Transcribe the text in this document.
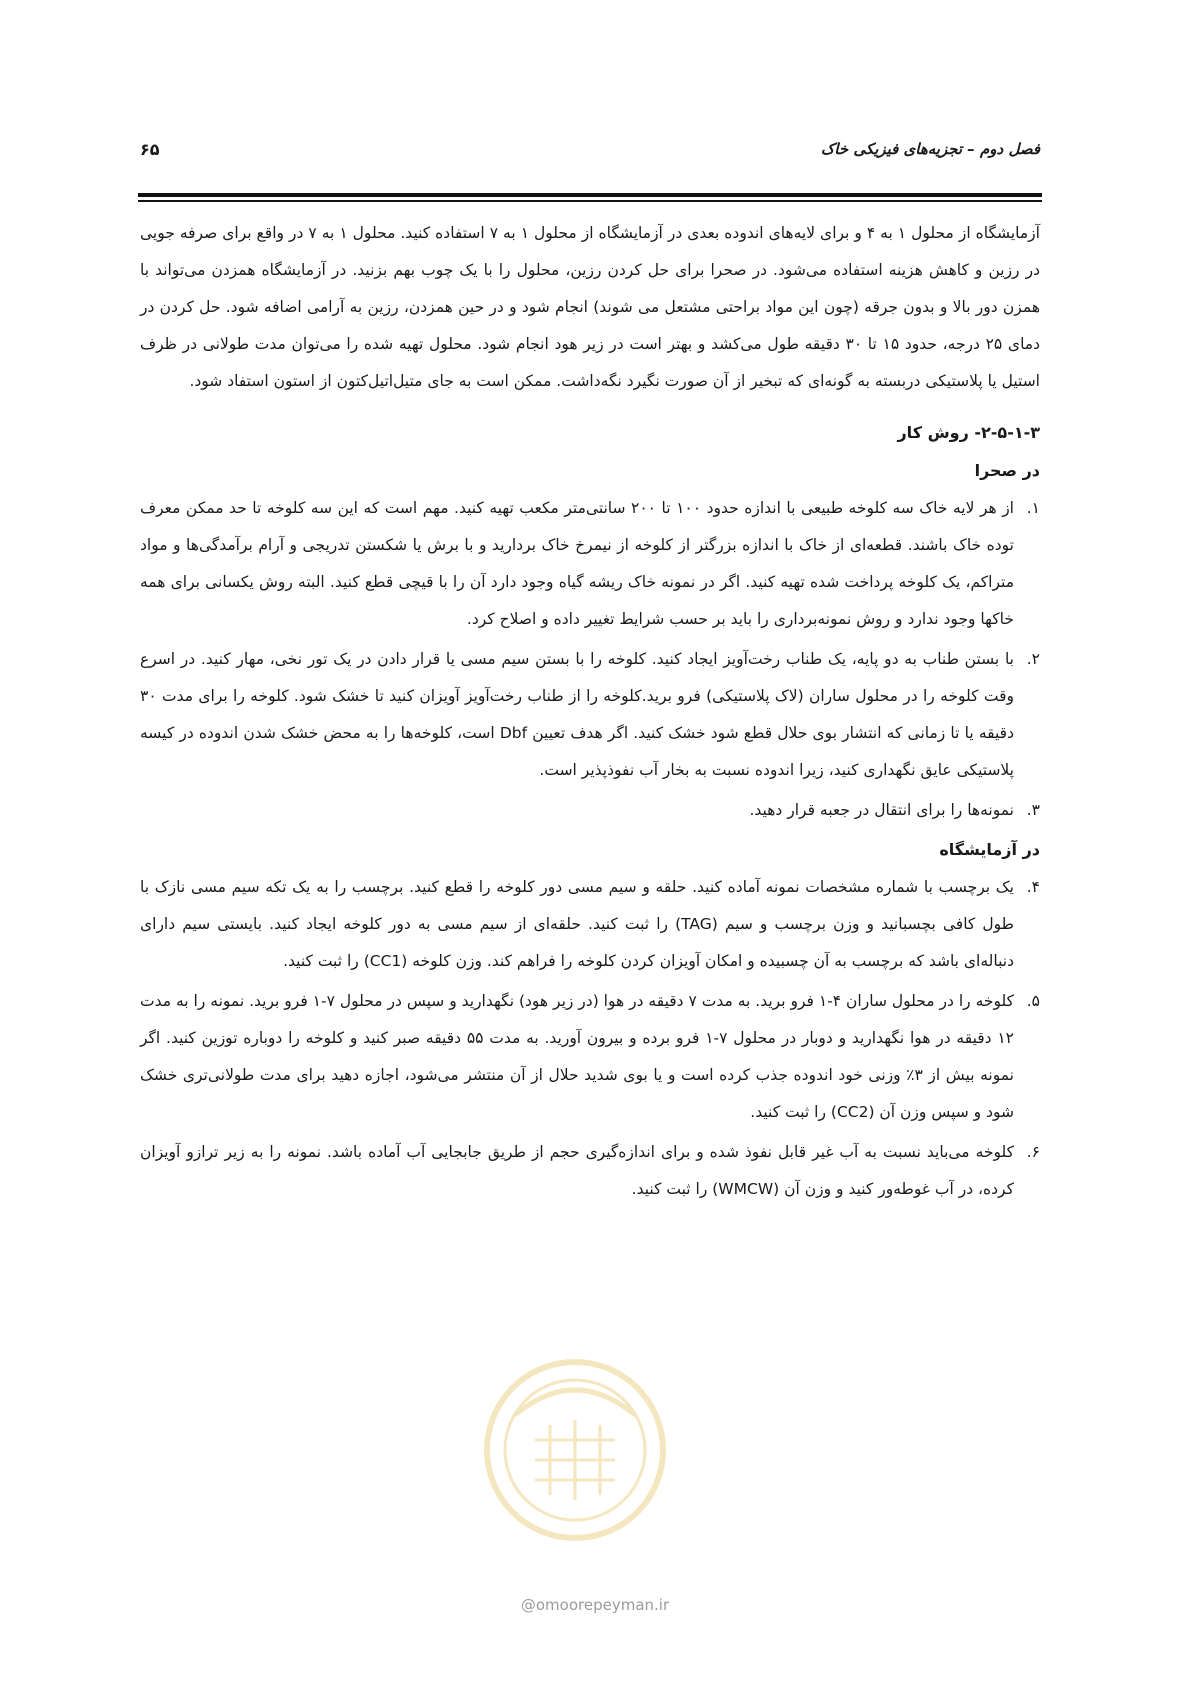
فصل دوم – تجزیه‌های فیزیکی خاک
۶۵

آزمایشگاه از محلول ۱ به ۴ و برای لایه‌های اندوده بعدی در آزمایشگاه از محلول ۱ به ۷ استفاده کنید. محلول ۱ به ۷ در واقع برای صرفه جویی در رزین و کاهش هزینه استفاده می‌شود. در صحرا برای حل کردن رزین، محلول را با یک چوب بهم بزنید. در آزمایشگاه همزدن می‌تواند با همزن دور بالا و بدون جرقه (چون این مواد براحتی مشتعل می شوند) انجام شود و در حین همزدن، رزین به آرامی اضافه شود. حل کردن در دمای ۲۵ درجه، حدود ۱۵ تا ۳۰ دقیقه طول می‌کشد و بهتر است در زیر هود انجام شود. محلول تهیه شده را می‌توان مدت طولانی در ظرف استیل یا پلاستیکی دربسته به گونه‌ای که تبخیر از آن صورت نگیرد نگه‌داشت. ممکن است به جای متیل‌اتیل‌کتون از استون استفاد شود.

۲-۵-۱-۳- روش کار
در صحرا
۱.
از هر لایه خاک سه کلوخه طبیعی با اندازه حدود ۱۰۰ تا ۲۰۰ سانتی‌متر مکعب تهیه کنید. مهم است که این سه کلوخه تا حد ممکن معرف توده خاک باشند. قطعه‌ای از خاک با اندازه بزرگتر از کلوخه از نیمرخ خاک بردارید و با برش یا شکستن تدریجی و آرام برآمدگی‌ها و مواد متراکم، یک کلوخه پرداخت شده تهیه کنید. اگر در نمونه خاک ریشه گیاه وجود دارد آن را با قیچی قطع کنید. البته روش یکسانی برای همه خاکها وجود ندارد و روش نمونه‌برداری را باید بر حسب شرایط تغییر داده و اصلاح کرد.
۲.
با بستن طناب به دو پایه، یک طناب رخت‌آویز ایجاد کنید. کلوخه را با بستن سیم مسی یا قرار دادن در یک تور نخی، مهار کنید. در اسرع وقت کلوخه را در محلول ساران (لاک پلاستیکی) فرو برید.کلوخه را از طناب رخت‌آویز آویزان کنید تا خشک شود. کلوخه را برای مدت ۳۰ دقیقه یا تا زمانی که انتشار بوی حلال قطع شود خشک کنید. اگر هدف تعیین Dbf است، کلوخه‌ها را به محض خشک شدن اندوده در کیسه پلاستیکی عایق نگهداری کنید، زیرا اندوده نسبت به بخار آب نفوذپذیر است.
۳.
نمونه‌ها را برای انتقال در جعبه قرار دهید.
در آزمایشگاه
۴.
یک برچسب با شماره مشخصات نمونه آماده کنید. حلقه و سیم مسی دور کلوخه را قطع کنید. برچسب را به یک تکه سیم مسی نازک با طول کافی بچسبانید و وزن برچسب و سیم (TAG) را ثبت کنید. حلقه‌ای از سیم مسی به دور کلوخه ایجاد کنید. بایستی سیم دارای دنباله‌ای باشد که برچسب به آن چسبیده و امکان آویزان کردن کلوخه را فراهم کند. وزن کلوخه (CC1) را ثبت کنید.
۵.
کلوخه را در محلول ساران ۴-۱ فرو برید. به مدت ۷ دقیقه در هوا (در زیر هود) نگهدارید و سپس در محلول ۷-۱ فرو برید. نمونه را به مدت ۱۲ دقیقه در هوا نگهدارید و دوبار در محلول ۷-۱ فرو برده و بیرون آورید. به مدت ۵۵ دقیقه صبر کنید و کلوخه را دوباره توزین کنید. اگر نمونه بیش از ۳٪ وزنی خود اندوده جذب کرده است و یا بوی شدید حلال از آن منتشر می‌شود، اجازه دهید برای مدت طولانی‌تری خشک شود و سپس وزن آن (CC2) را ثبت کنید.
۶.
کلوخه می‌باید نسبت به آب غیر قابل نفوذ شده و برای اندازه‌گیری حجم از طریق جابجایی آب آماده باشد. نمونه را به زیر ترازو آویزان کرده، در آب غوطه‌ور کنید و وزن آن (WMCW) را ثبت کنید.
@omoorepeyman.ir
